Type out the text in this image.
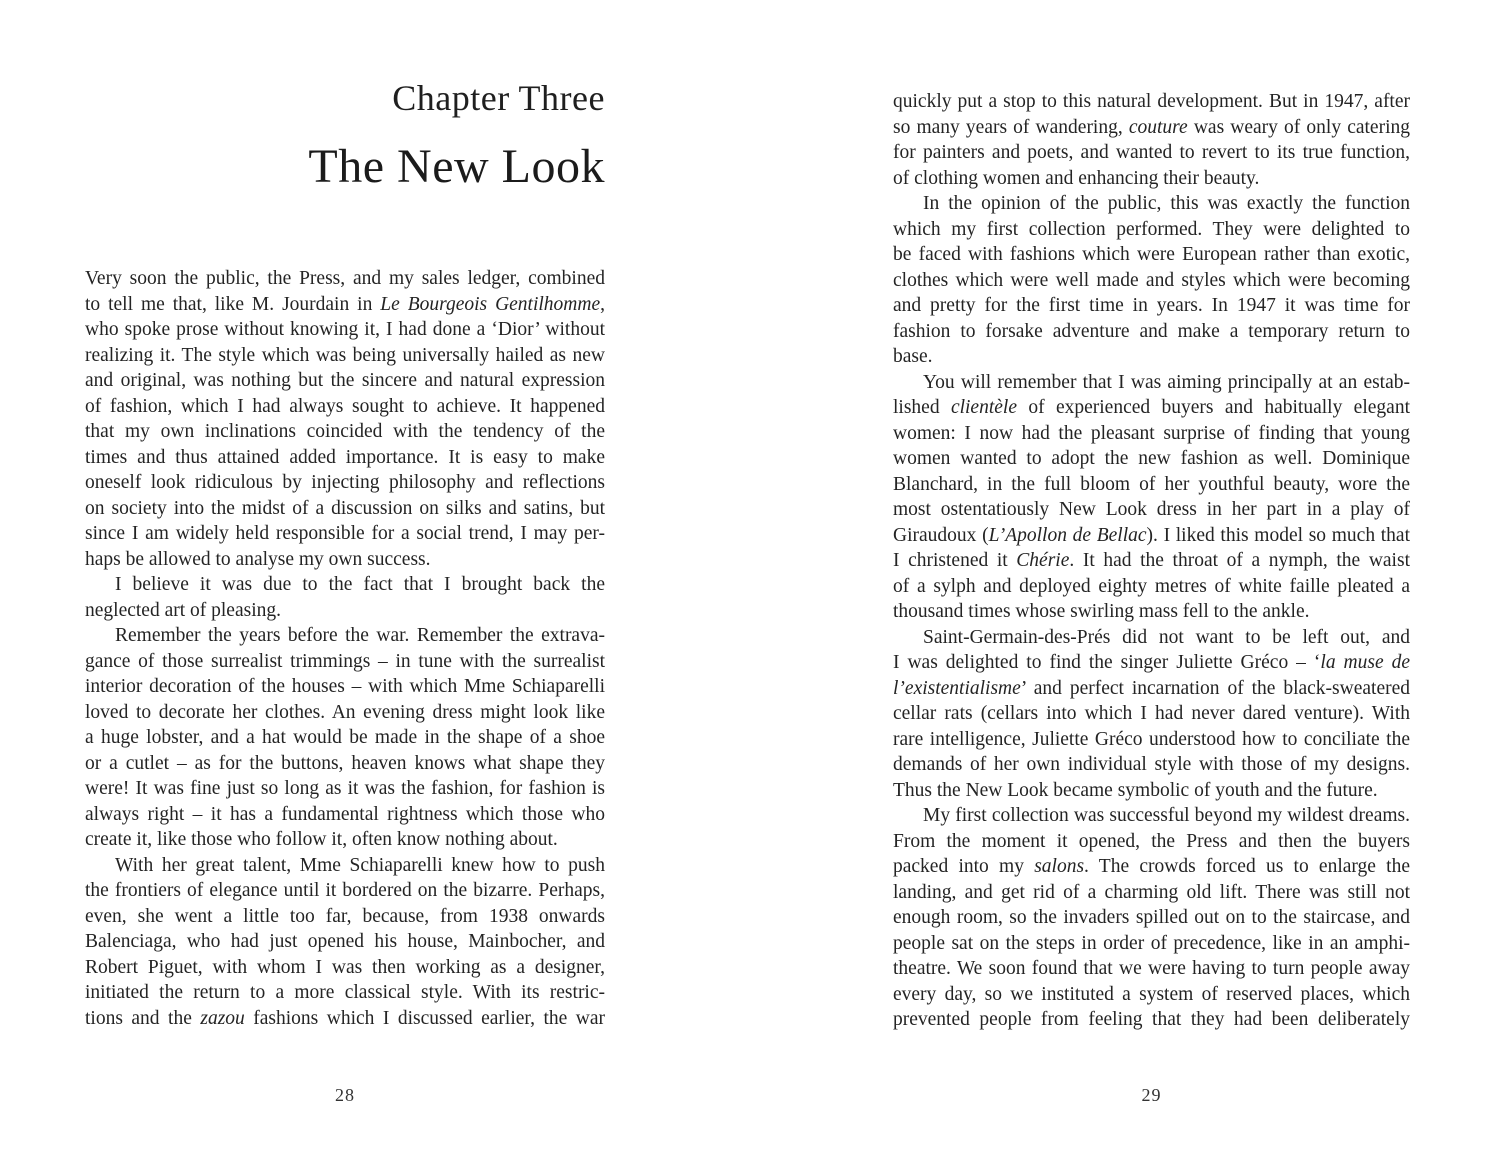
Chapter Three
The New Look
Very soon the public, the Press, and my sales ledger, combined
to tell me that, like M. Jourdain in Le Bourgeois Gentilhomme,
who spoke prose without knowing it, I had done a ‘Dior’ without
realizing it. The style which was being universally hailed as new
and original, was nothing but the sincere and natural expression
of fashion, which I had always sought to achieve. It happened
that my own inclinations coincided with the tendency of the
times and thus attained added importance. It is easy to make
oneself look ridiculous by injecting philosophy and reflections
on society into the midst of a discussion on silks and satins, but
since I am widely held responsible for a social trend, I may per-
haps be allowed to analyse my own success.
I believe it was due to the fact that I brought back the
neglected art of pleasing.
Remember the years before the war. Remember the extrava-
gance of those surrealist trimmings – in tune with the surrealist
interior decoration of the houses – with which Mme Schiaparelli
loved to decorate her clothes. An evening dress might look like
a huge lobster, and a hat would be made in the shape of a shoe
or a cutlet – as for the buttons, heaven knows what shape they
were! It was fine just so long as it was the fashion, for fashion is
always right – it has a fundamental rightness which those who
create it, like those who follow it, often know nothing about.
With her great talent, Mme Schiaparelli knew how to push
the frontiers of elegance until it bordered on the bizarre. Perhaps,
even, she went a little too far, because, from 1938 onwards
Balenciaga, who had just opened his house, Mainbocher, and
Robert Piguet, with whom I was then working as a designer,
initiated the return to a more classical style. With its restric-
tions and the zazou fashions which I discussed earlier, the war
28
quickly put a stop to this natural development. But in 1947, after
so many years of wandering, couture was weary of only catering
for painters and poets, and wanted to revert to its true function,
of clothing women and enhancing their beauty.
In the opinion of the public, this was exactly the function
which my first collection performed. They were delighted to
be faced with fashions which were European rather than exotic,
clothes which were well made and styles which were becoming
and pretty for the first time in years. In 1947 it was time for
fashion to forsake adventure and make a temporary return to
base.
You will remember that I was aiming principally at an estab-
lished clientèle of experienced buyers and habitually elegant
women: I now had the pleasant surprise of finding that young
women wanted to adopt the new fashion as well. Dominique
Blanchard, in the full bloom of her youthful beauty, wore the
most ostentatiously New Look dress in her part in a play of
Giraudoux (L’Apollon de Bellac). I liked this model so much that
I christened it Chérie. It had the throat of a nymph, the waist
of a sylph and deployed eighty metres of white faille pleated a
thousand times whose swirling mass fell to the ankle.
Saint-Germain-des-Prés did not want to be left out, and
I was delighted to find the singer Juliette Gréco – ‘la muse de
l’existentialisme’ and perfect incarnation of the black-sweatered
cellar rats (cellars into which I had never dared venture). With
rare intelligence, Juliette Gréco understood how to conciliate the
demands of her own individual style with those of my designs.
Thus the New Look became symbolic of youth and the future.
My first collection was successful beyond my wildest dreams.
From the moment it opened, the Press and then the buyers
packed into my salons. The crowds forced us to enlarge the
landing, and get rid of a charming old lift. There was still not
enough room, so the invaders spilled out on to the staircase, and
people sat on the steps in order of precedence, like in an amphi-
theatre. We soon found that we were having to turn people away
every day, so we instituted a system of reserved places, which
prevented people from feeling that they had been deliberately
29
